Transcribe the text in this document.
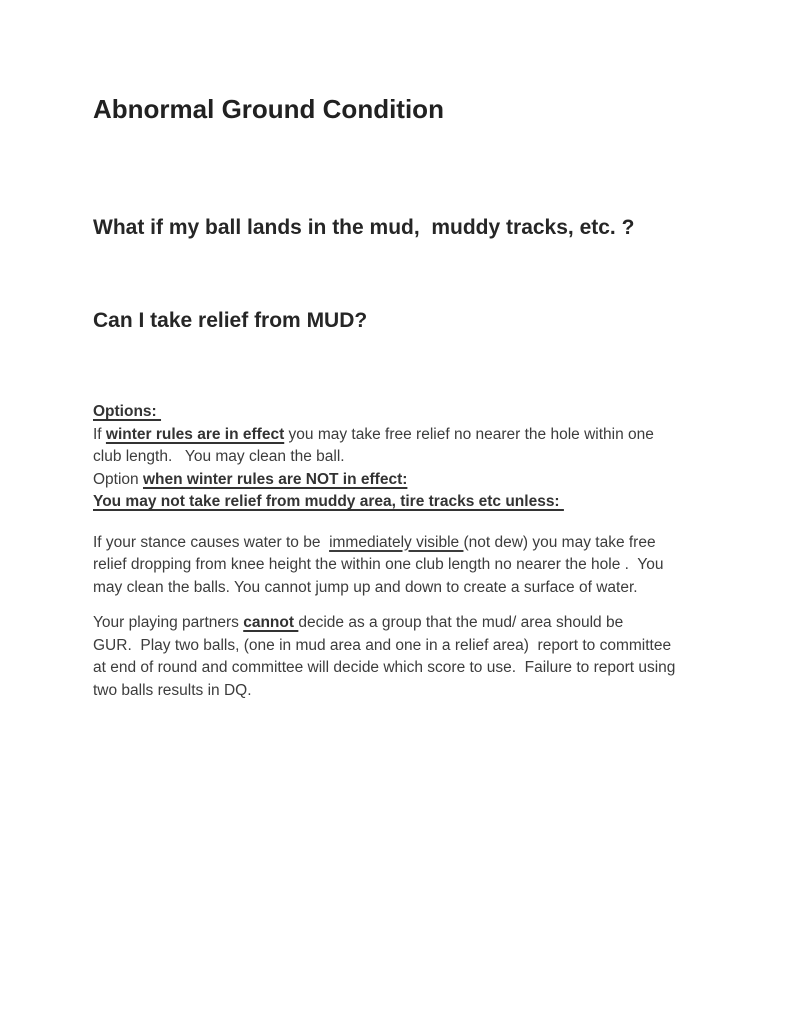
Abnormal Ground Condition

What if my ball lands in the mud,  muddy tracks, etc. ?

Can I take relief from MUD?

Options:
If winter rules are in effect you may take free relief no nearer the hole within one
club length.   You may clean the ball.
Option when winter rules are NOT in effect:
You may not take relief from muddy area, tire tracks etc unless:

If your stance causes water to be  immediately visible (not dew) you may take free
relief dropping from knee height the within one club length no nearer the hole .  You
may clean the balls. You cannot jump up and down to create a surface of water.

Your playing partners cannot decide as a group that the mud/ area should be
GUR.  Play two balls, (one in mud area and one in a relief area)  report to committee
at end of round and committee will decide which score to use.  Failure to report using
two balls results in DQ.
